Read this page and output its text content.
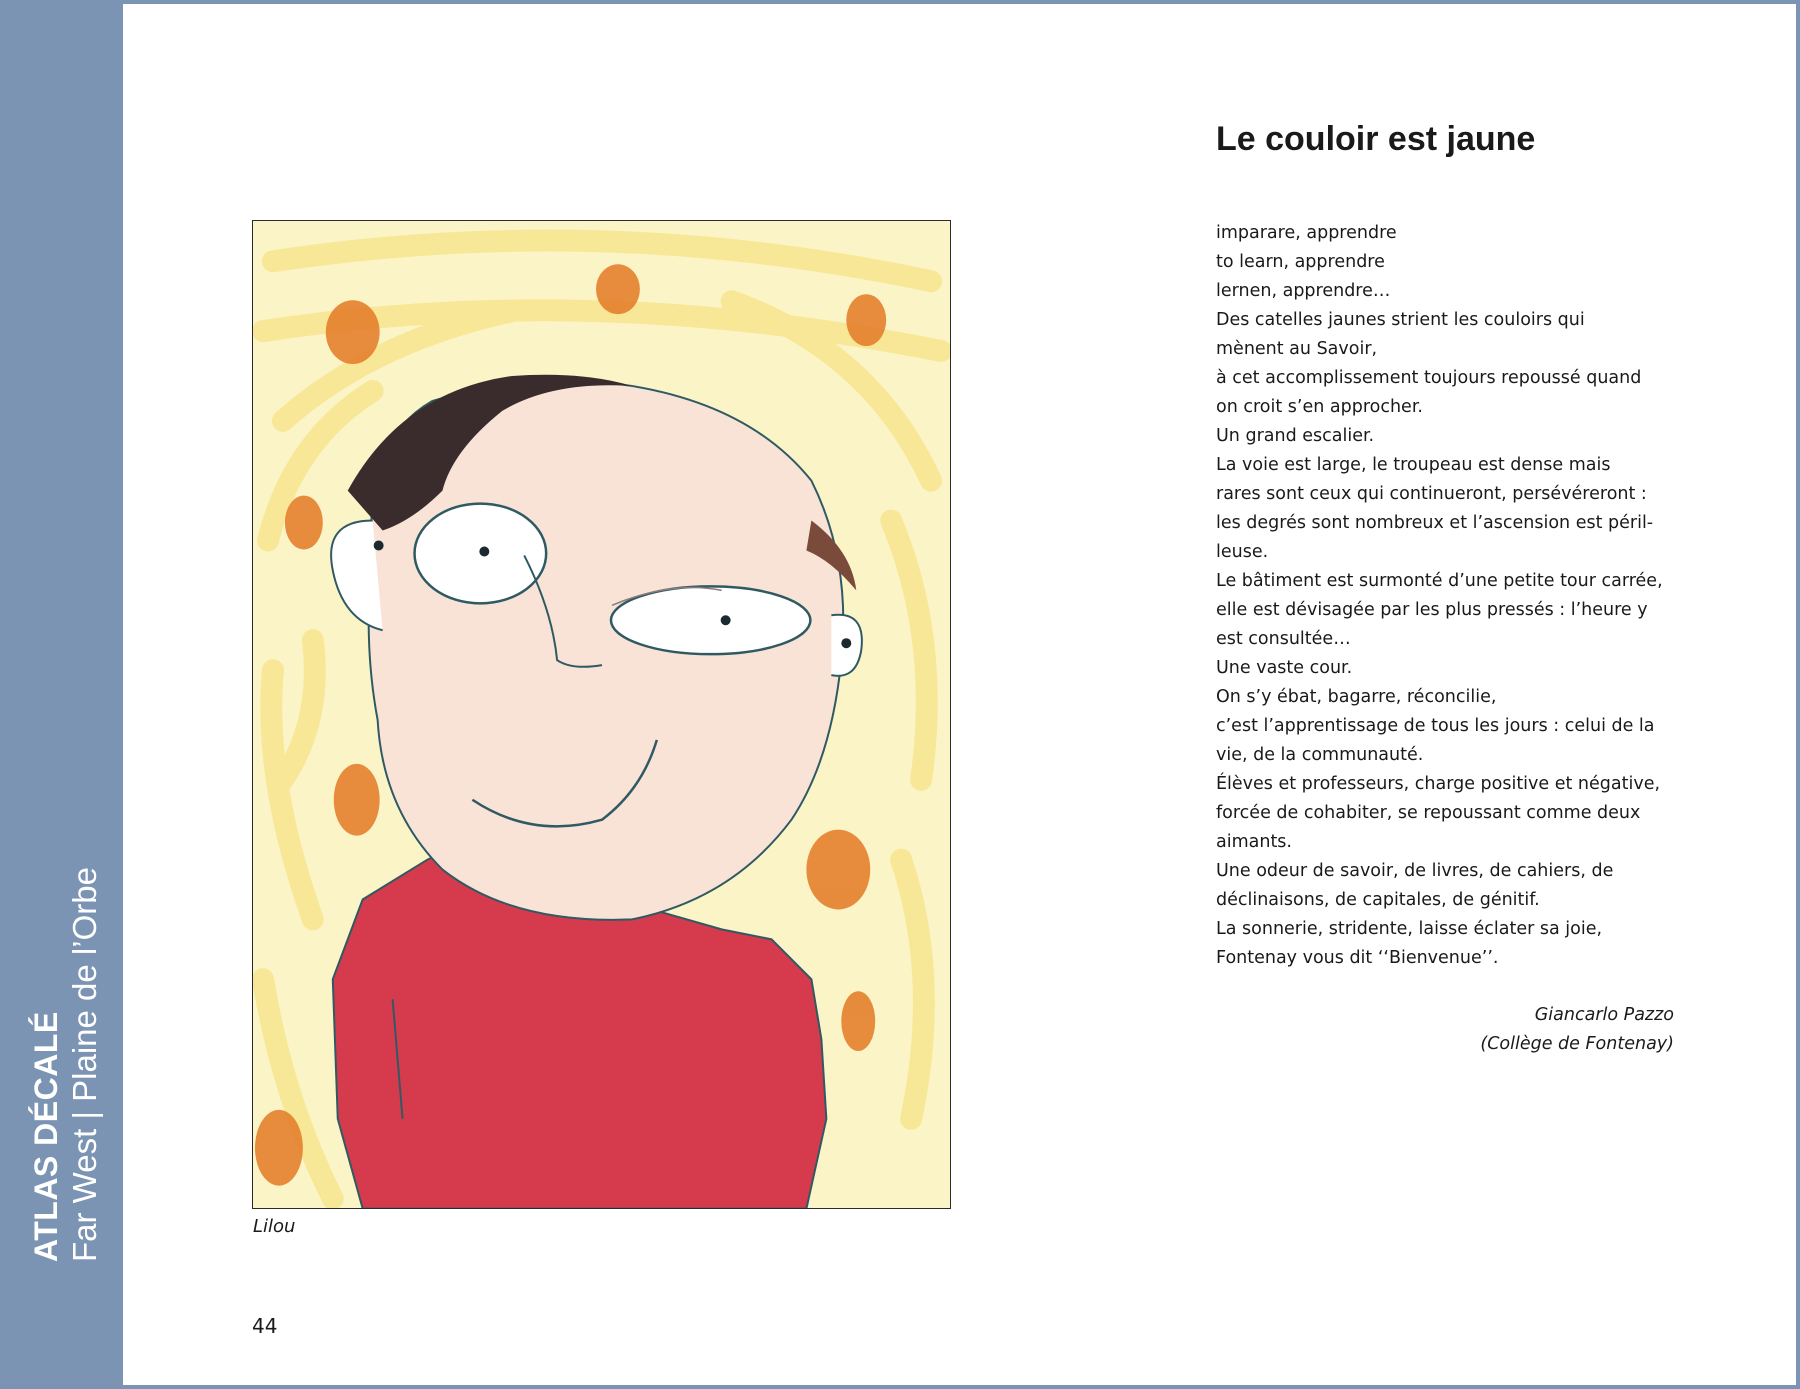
ATLAS DÉCALÉ Far West | Plaine de l’Orbe	Lilou
44
Le couloir est jaune
imparare, apprendre
to learn, apprendre
lernen, apprendre…
Des catelles jaunes strient les couloirs qui
mènent au Savoir,
à cet accomplissement toujours repoussé quand
on croit s’en approcher.
Un grand escalier.
La voie est large, le troupeau est dense mais
rares sont ceux qui continueront, persévéreront :
les degrés sont nombreux et l’ascension est péril-
leuse.
Le bâtiment est surmonté d’une petite tour carrée,
elle est dévisagée par les plus pressés : l’heure y
est consultée…
Une vaste cour.
On s’y ébat, bagarre, réconcilie,
c’est l’apprentissage de tous les jours : celui de la
vie, de la communauté.
Élèves et professeurs, charge positive et négative,
forcée de cohabiter, se repoussant comme deux
aimants.
Une odeur de savoir, de livres, de cahiers, de
déclinaisons, de capitales, de génitif.
La sonnerie, stridente, laisse éclater sa joie,
Fontenay vous dit ‘‘Bienvenue’’.
Giancarlo Pazzo
(Collège de Fontenay)
